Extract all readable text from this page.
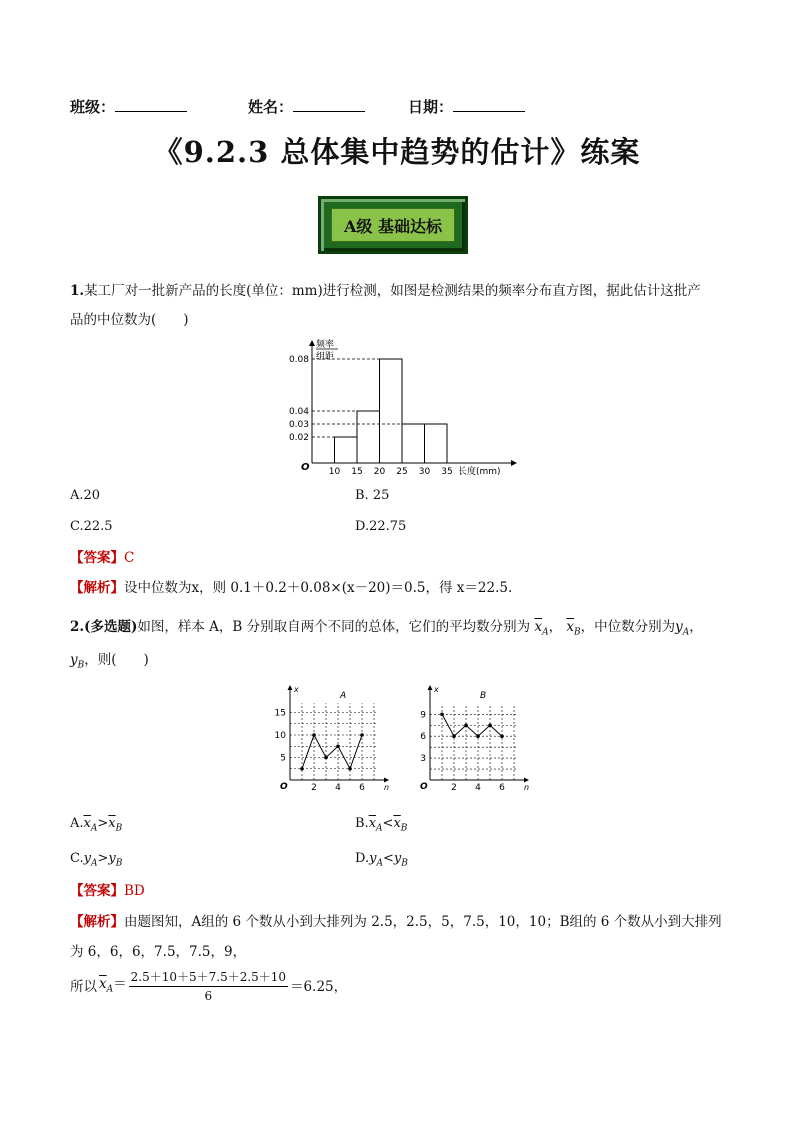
班级：	姓名：	日期：
《9.2.3 总体集中趋势的估计》练案
A级 基础达标
1.某工厂对一批新产品的长度(单位：mm)进行检测，如图是检测结果的频率分布直方图，据此估计这批产
品的中位数为(　　)
O
频率
组距
长度(mm)
0.08
0.04
0.03
0.02
10 15 20 25 30 35
A.20	B. 25
C.22.5	D.22.75
【答案】C
【解析】设中位数为x，则 0.1＋0.2＋0.08×(x－20)＝0.5，得 x＝22.5.
2.(多选题)如图，样本 A，B 分别取自两个不同的总体，它们的平均数分别为 $\overline{x}_A$， $\overline{x}_B$，中位数分别为$y_A$，
$y_B$，则(　　)
O
x
n
A
15
10
5
2 4 6	O
x
n
B
9
6
3
2 4 6
$A.\overline{x}_A>\overline{x}_B$	$B.\overline{x}_A<\overline{x}_B$
$C.y_A>y_B$	$D.y_A<y_B$
【答案】BD
【解析】由题图知，A组的 6 个数从小到大排列为 2.5，2.5，5，7.5，10，10；B组的 6 个数从小到大排列
为 6，6，6，7.5，7.5，9，
所以 $\overline{x}_A= \frac{2.5+10+5+7.5+2.5+10}{6} =6.25$，
